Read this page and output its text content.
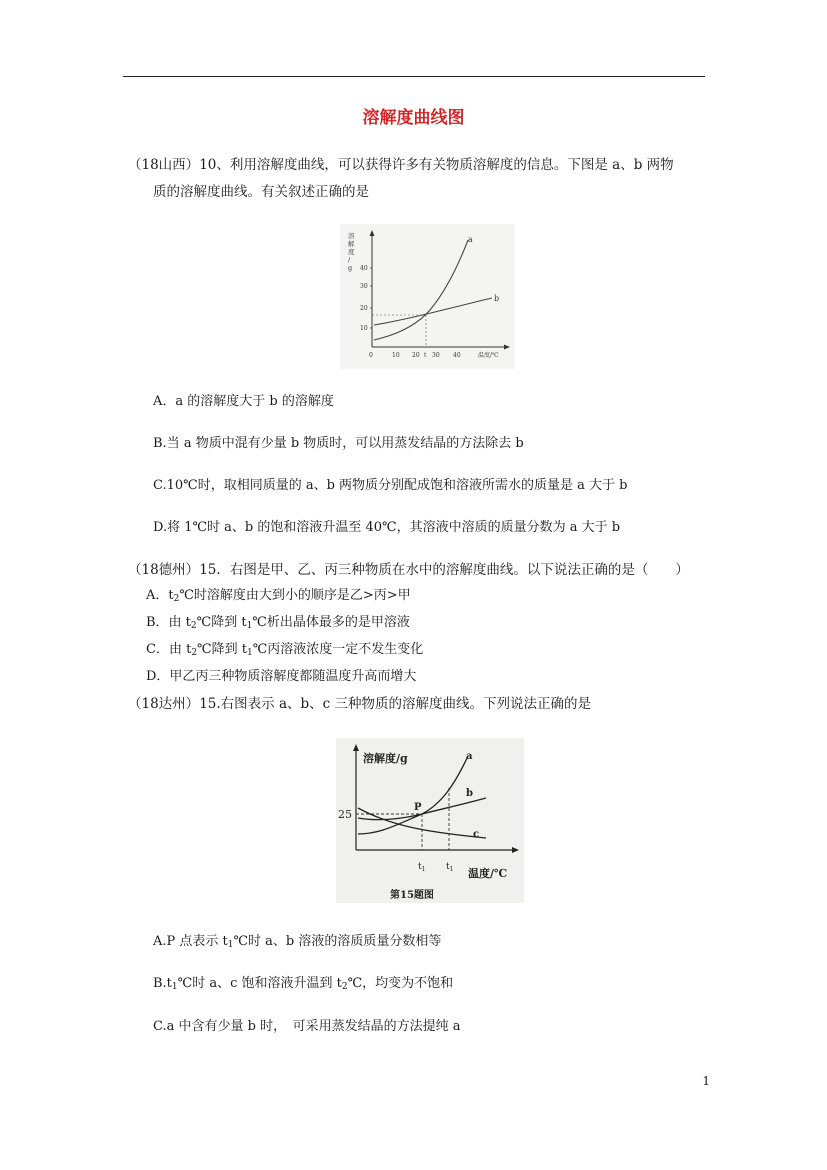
溶解度曲线图
（18山西）10、利用溶解度曲线，可以获得许多有关物质溶解度的信息。下图是 a、b 两物
质的溶解度曲线。有关叙述正确的是
溶解度/ g	40
30
20
10
0	10 20 t 30 40	温度/℃
a
b
A．a 的溶解度大于 b 的溶解度
B.当 a 物质中混有少量 b 物质时，可以用蒸发结晶的方法除去 b
C.10℃时，取相同质量的 a、b 两物质分别配成饱和溶液所需水的质量是 a 大于 b
D.将 1℃时 a、b 的饱和溶液升温至 40℃，其溶液中溶质的质量分数为 a 大于 b
（18德州）15．右图是甲、乙、丙三种物质在水中的溶解度曲线。以下说法正确的是（　　）
A．$t_2℃$时溶解度由大到小的顺序是乙>丙>甲
B．由 $t_2℃$降到 $t_1℃$析出晶体最多的是甲溶液
C．由 $t_2℃$降到 $t_1℃$丙溶液浓度一定不发生变化
D．甲乙丙三种物质溶解度都随温度升高而增大
（18达州）15.右图表示 a、b、c 三种物质的溶解度曲线。下列说法正确的是
溶解度/g
温度/℃
25
P
a
b
c
$t_1$ $t_1$
第15题图
A.P 点表示 $t_1℃$时 a、b 溶液的溶质质量分数相等
$B.t_1℃$时 a、c 饱和溶液升温到 $t_2℃$，均变为不饱和
C.a 中含有少量 b 时，　可采用蒸发结晶的方法提纯 a
1
